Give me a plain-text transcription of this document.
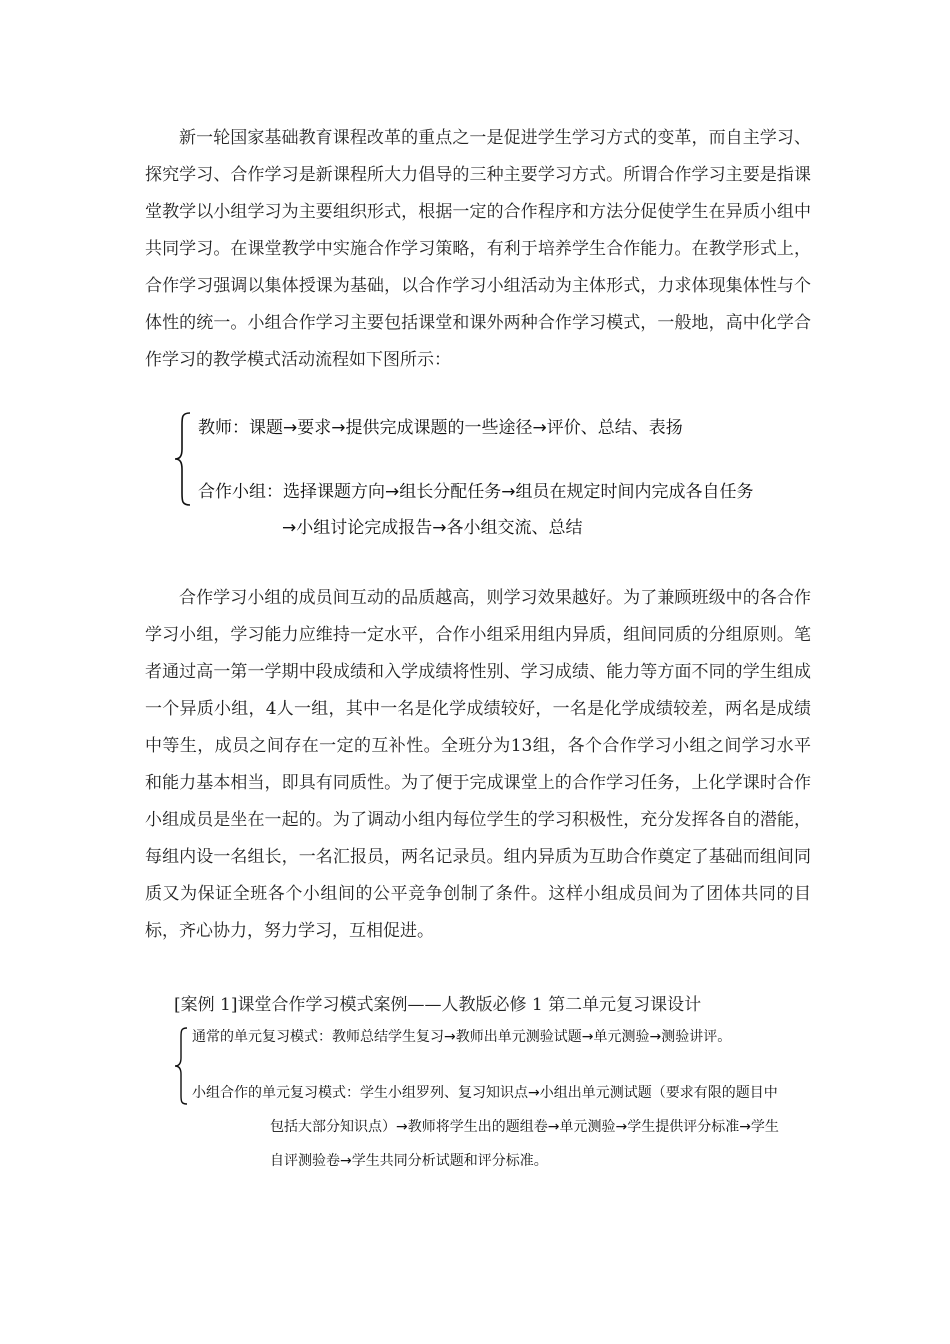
新一轮国家基础教育课程改革的重点之一是促进学生学习方式的变革，而自主学习、探究学习、合作学习是新课程所大力倡导的三种主要学习方式。所谓合作学习主要是指课堂教学以小组学习为主要组织形式，根据一定的合作程序和方法分促使学生在异质小组中共同学习。在课堂教学中实施合作学习策略，有利于培养学生合作能力。在教学形式上，合作学习强调以集体授课为基础，以合作学习小组活动为主体形式，力求体现集体性与个体性的统一。小组合作学习主要包括课堂和课外两种合作学习模式，一般地，高中化学合作学习的教学模式活动流程如下图所示：

教师：课题→要求→提供完成课题的一些途径→评价、总结、表扬
合作小组：选择课题方向→组长分配任务→组员在规定时间内完成各自任务
→小组讨论完成报告→各小组交流、总结

合作学习小组的成员间互动的品质越高，则学习效果越好。为了兼顾班级中的各合作学习小组，学习能力应维持一定水平，合作小组采用组内异质，组间同质的分组原则。笔者通过高一第一学期中段成绩和入学成绩将性别、学习成绩、能力等方面不同的学生组成一个异质小组，4人一组，其中一名是化学成绩较好，一名是化学成绩较差，两名是成绩中等生，成员之间存在一定的互补性。全班分为13组，各个合作学习小组之间学习水平和能力基本相当，即具有同质性。为了便于完成课堂上的合作学习任务，上化学课时合作小组成员是坐在一起的。为了调动小组内每位学生的学习积极性，充分发挥各自的潜能，每组内设一名组长，一名汇报员，两名记录员。组内异质为互助合作奠定了基础而组间同质又为保证全班各个小组间的公平竞争创制了条件。这样小组成员间为了团体共同的目标，齐心协力，努力学习，互相促进。

[案例 1]课堂合作学习模式案例——人教版必修 1 第二单元复习课设计

通常的单元复习模式：教师总结学生复习→教师出单元测验试题→单元测验→测验讲评。
小组合作的单元复习模式：学生小组罗列、复习知识点→小组出单元测试题（要求有限的题目中
包括大部分知识点）→教师将学生出的题组卷→单元测验→学生提供评分标准→学生
自评测验卷→学生共同分析试题和评分标准。
